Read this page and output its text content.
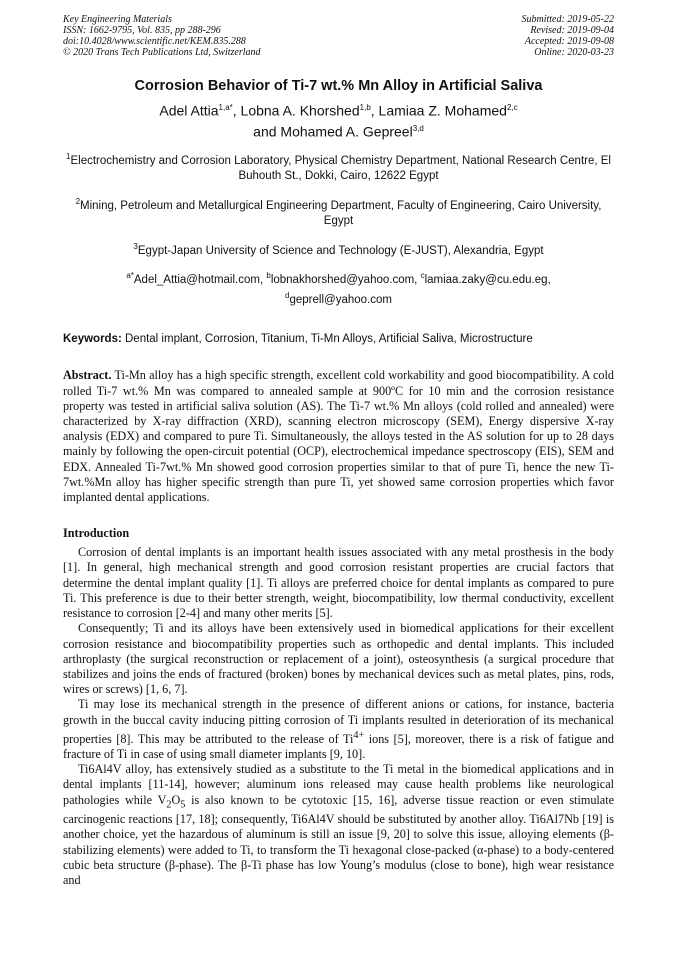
Key Engineering Materials
ISSN: 1662-9795, Vol. 835, pp 288-296
doi:10.4028/www.scientific.net/KEM.835.288
© 2020 Trans Tech Publications Ltd, Switzerland
Submitted: 2019-05-22
Revised: 2019-09-04
Accepted: 2019-09-08
Online: 2020-03-23
Corrosion Behavior of Ti-7 wt.% Mn Alloy in Artificial Saliva
Adel Attia$^{1,a*}$, Lobna A. Khorshed$^{1,b}$, Lamiaa Z. Mohamed$^{2,c}$
and Mohamed A. Gepreel$^{3,d}$
$^1$Electrochemistry and Corrosion Laboratory, Physical Chemistry Department, National Research Centre, El Buhouth St., Dokki, Cairo, 12622 Egypt
$^2$Mining, Petroleum and Metallurgical Engineering Department, Faculty of Engineering, Cairo University, Egypt
$^3$Egypt-Japan University of Science and Technology (E-JUST), Alexandria, Egypt
$^{a*}$Adel_Attia@hotmail.com, $^b$lobnakhorshed@yahoo.com, $^c$lamiaa.zaky@cu.edu.eg,
$^d$geprell@yahoo.com
Keywords: Dental implant, Corrosion, Titanium, Ti-Mn Alloys, Artificial Saliva, Microstructure
Abstract. Ti-Mn alloy has a high specific strength, excellent cold workability and good biocompatibility. A cold rolled Ti-7 wt.% Mn was compared to annealed sample at 900ºC for 10 min and the corrosion resistance property was tested in artificial saliva solution (AS). The Ti-7 wt.% Mn alloys (cold rolled and annealed) were characterized by X-ray diffraction (XRD), scanning electron microscopy (SEM), Energy dispersive X-ray analysis (EDX) and compared to pure Ti. Simultaneously, the alloys tested in the AS solution for up to 28 days mainly by following the open-circuit potential (OCP), electrochemical impedance spectroscopy (EIS), SEM and EDX. Annealed Ti-7wt.% Mn showed good corrosion properties similar to that of pure Ti, hence the new Ti-7wt.%Mn alloy has higher specific strength than pure Ti, yet showed same corrosion properties which favor implanted dental applications.
Introduction

Corrosion of dental implants is an important health issues associated with any metal prosthesis in the body [1]. In general, high mechanical strength and good corrosion resistant properties are crucial factors that determine the dental implant quality [1]. Ti alloys are preferred choice for dental implants as compared to pure Ti. This preference is due to their better strength, weight, biocompatibility, low thermal conductivity, excellent resistance to corrosion [2-4] and many other merits [5].

Consequently; Ti and its alloys have been extensively used in biomedical applications for their excellent corrosion resistance and biocompatibility properties such as orthopedic and dental implants. This included arthroplasty (the surgical reconstruction or replacement of a joint), osteosynthesis (a surgical procedure that stabilizes and joins the ends of fractured (broken) bones by mechanical devices such as metal plates, pins, rods, wires or screws) [1, 6, 7].

Ti may lose its mechanical strength in the presence of different anions or cations, for instance, bacteria growth in the buccal cavity inducing pitting corrosion of Ti implants resulted in deterioration of its mechanical properties [8]. This may be attributed to the release of $Ti^{4+}$ ions [5], moreover, there is a risk of fatigue and fracture of Ti in case of using small diameter implants [9, 10].

Ti6Al4V alloy, has extensively studied as a substitute to the Ti metal in the biomedical applications and in dental implants [11-14], however; aluminum ions released may cause health problems like neurological pathologies while $V_2O_5$ is also known to be cytotoxic [15, 16], adverse tissue reaction or even stimulate carcinogenic reactions [17, 18]; consequently, Ti6Al4V should be substituted by another alloy. Ti6Al7Nb [19] is another choice, yet the hazardous of aluminum is still an issue [9, 20] to solve this issue, alloying elements (β-stabilizing elements) were added to Ti, to transform the Ti hexagonal close-packed (α-phase) to a body-centered cubic beta structure (β-phase). The β-Ti phase has low Young’s modulus (close to bone), high wear resistance and
